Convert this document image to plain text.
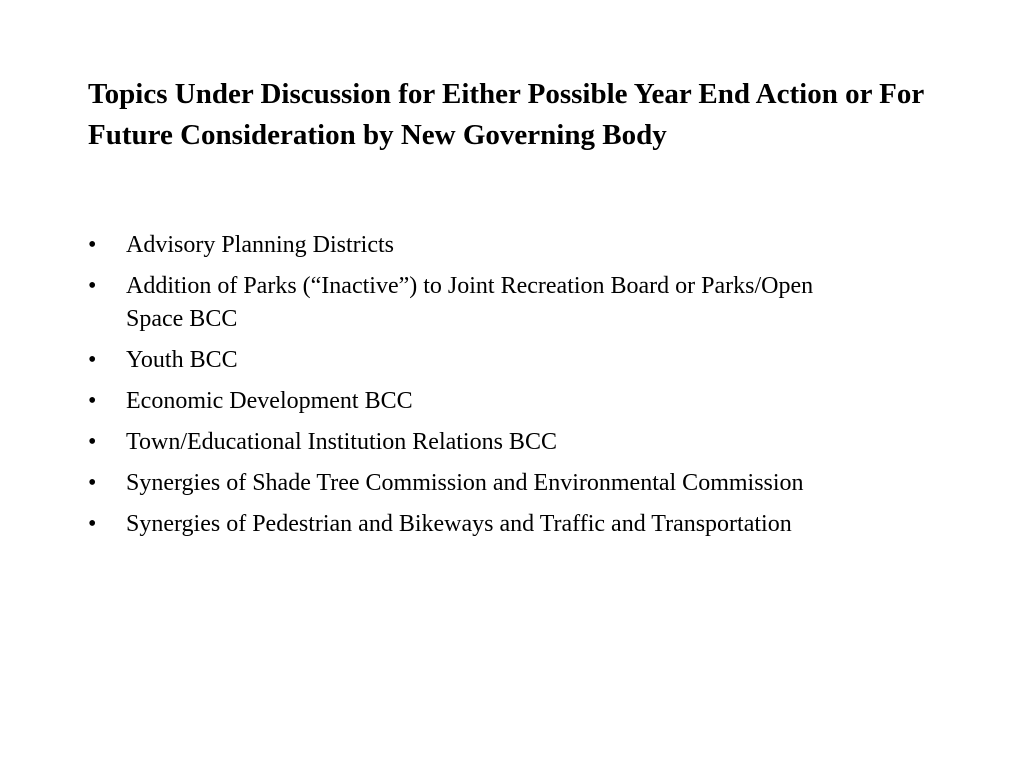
Topics Under Discussion for Either Possible Year End Action or For Future Consideration by New Governing Body
• Advisory Planning Districts
• Addition of Parks (“Inactive”) to Joint Recreation Board or Parks/Open Space BCC
• Youth BCC
• Economic Development BCC
• Town/Educational Institution Relations BCC
• Synergies of Shade Tree Commission and Environmental Commission
• Synergies of Pedestrian and Bikeways and Traffic and Transportation
